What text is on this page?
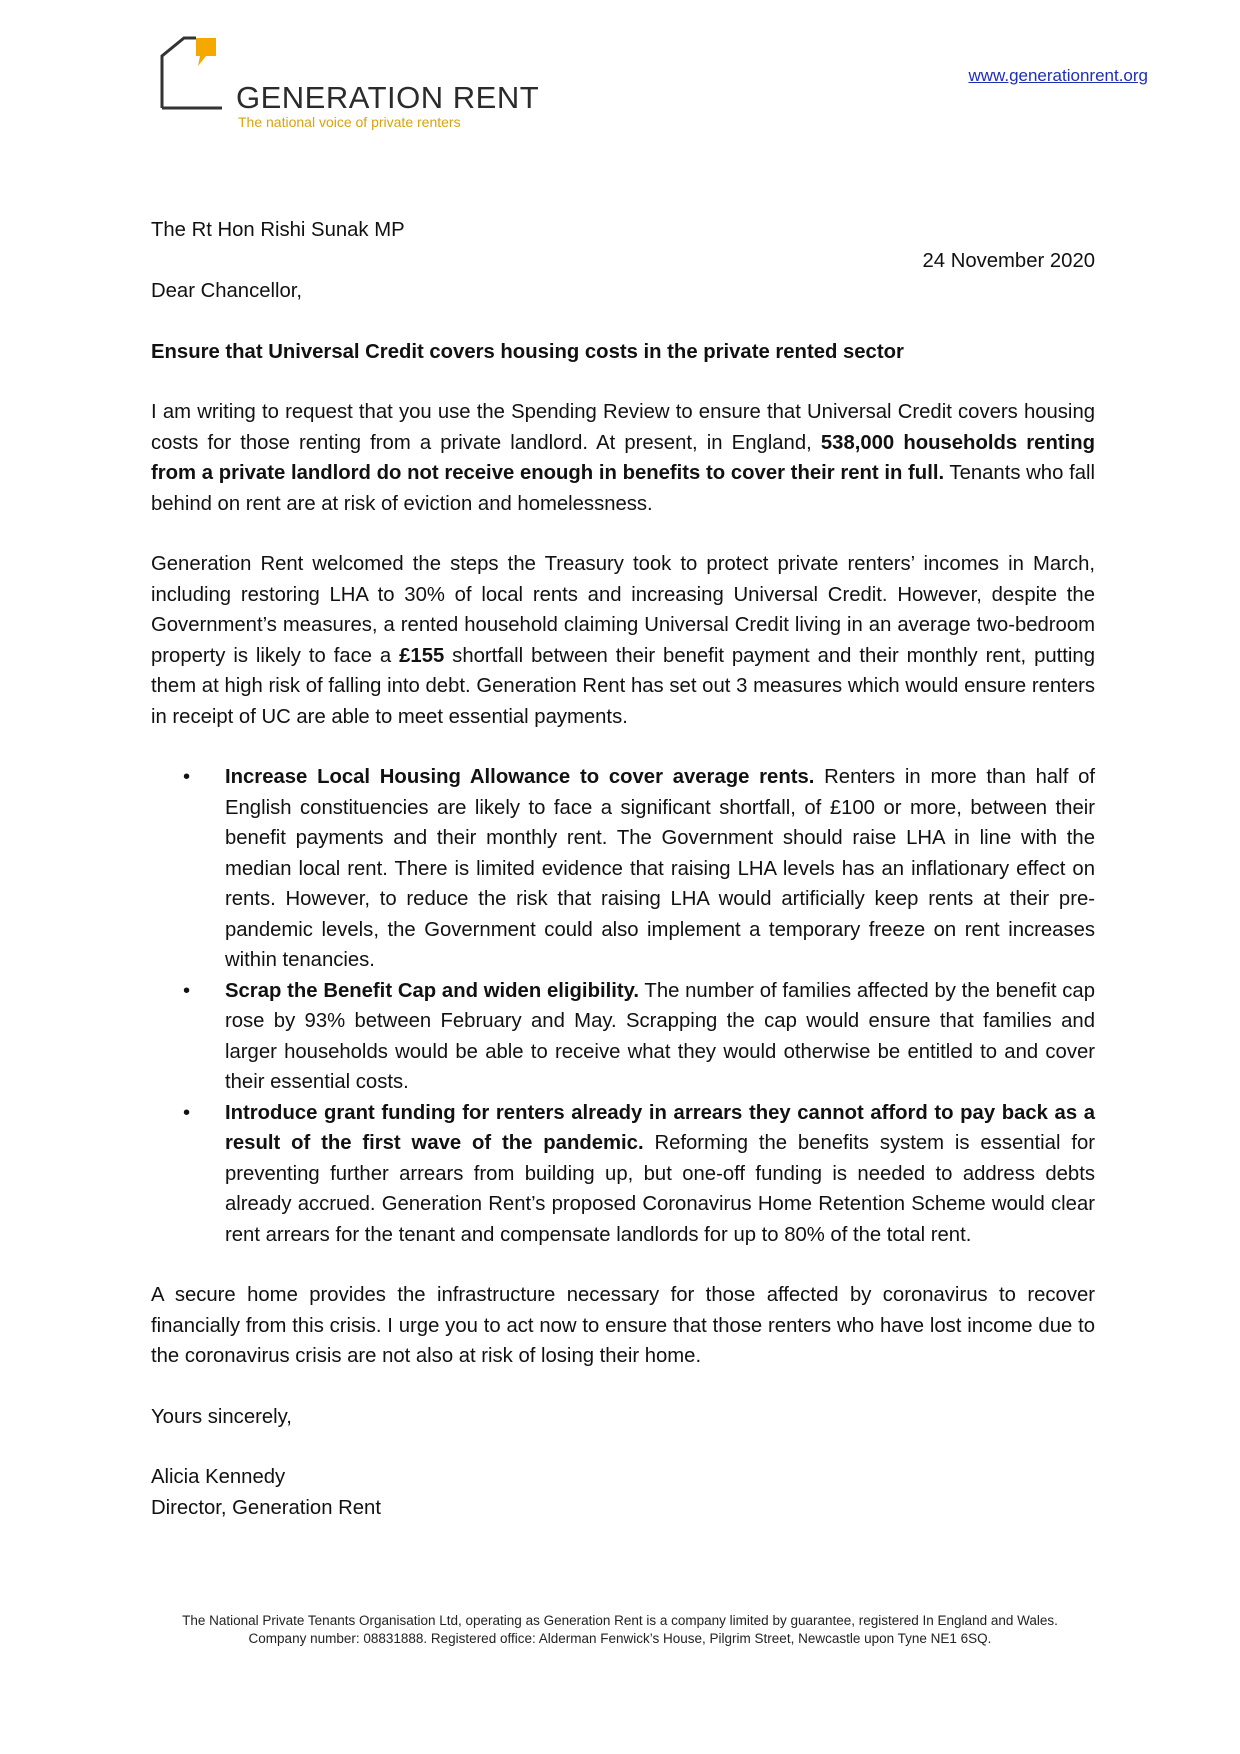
GENERATION RENT
The national voice of private renters
www.generationrent.org

The Rt Hon Rishi Sunak MP

24 November 2020

Dear Chancellor,

Ensure that Universal Credit covers housing costs in the private rented sector

I am writing to request that you use the Spending Review to ensure that Universal Credit covers housing costs for those renting from a private landlord. At present, in England, 538,000 households renting from a private landlord do not receive enough in benefits to cover their rent in full. Tenants who fall behind on rent are at risk of eviction and homelessness.

Generation Rent welcomed the steps the Treasury took to protect private renters’ incomes in March, including restoring LHA to 30% of local rents and increasing Universal Credit. However, despite the Government’s measures, a rented household claiming Universal Credit living in an average two-bedroom property is likely to face a £155 shortfall between their benefit payment and their monthly rent, putting them at high risk of falling into debt. Generation Rent has set out 3 measures which would ensure renters in receipt of UC are able to meet essential payments.

• Increase Local Housing Allowance to cover average rents. Renters in more than half of English constituencies are likely to face a significant shortfall, of £100 or more, between their benefit payments and their monthly rent. The Government should raise LHA in line with the median local rent. There is limited evidence that raising LHA levels has an inflationary effect on rents. However, to reduce the risk that raising LHA would artificially keep rents at their pre-pandemic levels, the Government could also implement a temporary freeze on rent increases within tenancies.
• Scrap the Benefit Cap and widen eligibility. The number of families affected by the benefit cap rose by 93% between February and May. Scrapping the cap would ensure that families and larger households would be able to receive what they would otherwise be entitled to and cover their essential costs.
• Introduce grant funding for renters already in arrears they cannot afford to pay back as a result of the first wave of the pandemic. Reforming the benefits system is essential for preventing further arrears from building up, but one-off funding is needed to address debts already accrued. Generation Rent’s proposed Coronavirus Home Retention Scheme would clear rent arrears for the tenant and compensate landlords for up to 80% of the total rent.

A secure home provides the infrastructure necessary for those affected by coronavirus to recover financially from this crisis. I urge you to act now to ensure that those renters who have lost income due to the coronavirus crisis are not also at risk of losing their home.

Yours sincerely,

Alicia Kennedy

Director, Generation Rent

The National Private Tenants Organisation Ltd, operating as Generation Rent is a company limited by guarantee, registered In England and Wales.
Company number: 08831888. Registered office: Alderman Fenwick’s House, Pilgrim Street, Newcastle upon Tyne NE1 6SQ.
